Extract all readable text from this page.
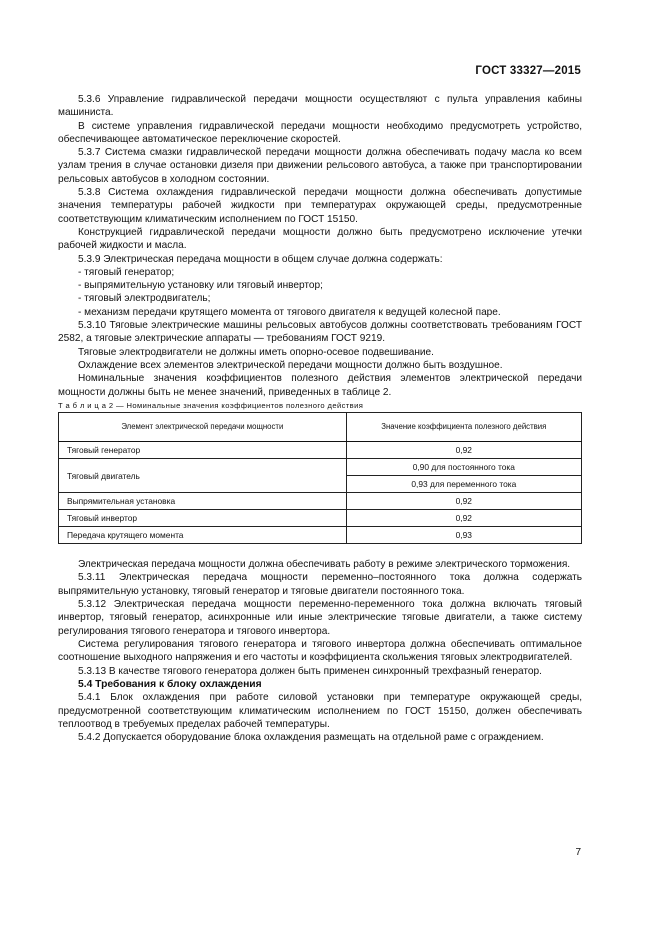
ГОСТ 33327—2015

5.3.6 Управление гидравлической передачи мощности осуществляют с пульта управления кабины машиниста.

В системе управления гидравлической передачи мощности необходимо предусмотреть устройство, обеспечивающее автоматическое переключение скоростей.

5.3.7 Система смазки гидравлической передачи мощности должна обеспечивать подачу масла ко всем узлам трения в случае остановки дизеля при движении рельсового автобуса, а также при транспортировании рельсовых автобусов в холодном состоянии.

5.3.8 Система охлаждения гидравлической передачи мощности должна обеспечивать допустимые значения температуры рабочей жидкости при температурах окружающей среды, предусмотренные соответствующим климатическим исполнением по ГОСТ 15150.

Конструкцией гидравлической передачи мощности должно быть предусмотрено исключение утечки рабочей жидкости и масла.

5.3.9 Электрическая передача мощности в общем случае должна содержать:

- тяговый генератор;

- выпрямительную установку или тяговый инвертор;

- тяговый электродвигатель;

- механизм передачи крутящего момента от тягового двигателя к ведущей колесной паре.

5.3.10 Тяговые электрические машины рельсовых автобусов должны соответствовать требованиям ГОСТ 2582, а тяговые электрические аппараты — требованиям ГОСТ 9219.

Тяговые электродвигатели не должны иметь опорно-осевое подвешивание.

Охлаждение всех элементов электрической передачи мощности должно быть воздушное.

Номинальные значения коэффициентов полезного действия элементов электрической передачи мощности должны быть не менее значений, приведенных в таблице 2.

Т а б л и ц а 2 — Номинальные значения коэффициентов полезного действия

Элемент электрической передачи мощности	Значение коэффициента полезного действия
Тяговый генератор	0,92
Тяговый двигатель	0,90 для постоянного тока
	0,93 для переменного тока
Выпрямительная установка	0,92
Тяговый инвертор	0,92
Передача крутящего момента	0,93

Электрическая передача мощности должна обеспечивать работу в режиме электрического торможения.

5.3.11 Электрическая передача мощности переменно–постоянного тока должна содержать выпрямительную установку, тяговый генератор и тяговые двигатели постоянного тока.

5.3.12 Электрическая передача мощности переменно-переменного тока должна включать тяговый инвертор, тяговый генератор, асинхронные или иные электрические тяговые двигатели, а также систему регулирования тягового генератора и тягового инвертора.

Система регулирования тягового генератора и тягового инвертора должна обеспечивать оптимальное соотношение выходного напряжения и его частоты и коэффициента скольжения тяговых электродвигателей.

5.3.13 В качестве тягового генератора должен быть применен синхронный трехфазный генератор.

5.4 Требования к блоку охлаждения

5.4.1 Блок охлаждения при работе силовой установки при температуре окружающей среды, предусмотренной соответствующим климатическим исполнением по ГОСТ 15150, должен обеспечивать теплоотвод в требуемых пределах рабочей температуры.

5.4.2 Допускается оборудование блока охлаждения размещать на отдельной раме с ограждением.

7
